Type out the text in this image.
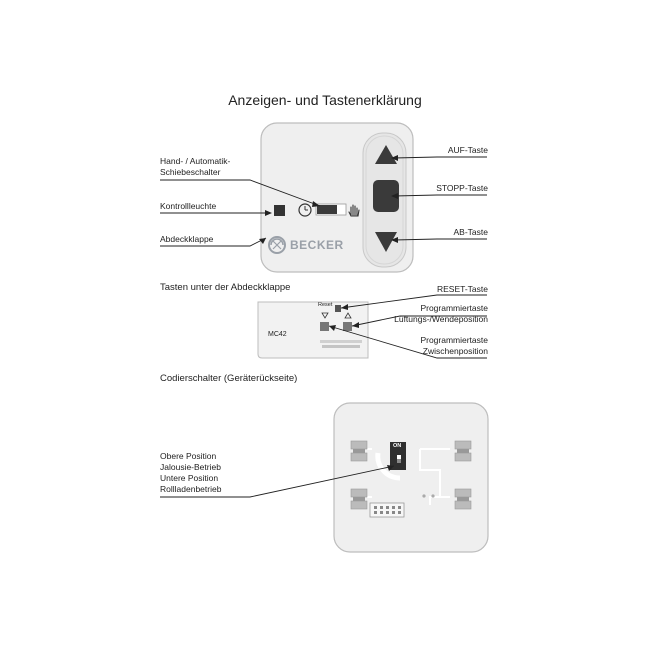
Anzeigen- und Tastenerklärung
Hand- / Automatik-
Schiebeschalter
Kontrollleuchte
Abdeckklappe
AUF-Taste
STOPP-Taste
AB-Taste
BECKER
Tasten unter der Abdeckklappe
Reset
MC42
RESET-Taste
Programmiertaste
Lüftungs-/Wendeposition
Programmiertaste
Zwischenposition
Codierschalter (Geräterückseite)
ON
Obere Position
Jalousie-Betrieb
Untere Position
Rollladenbetrieb
